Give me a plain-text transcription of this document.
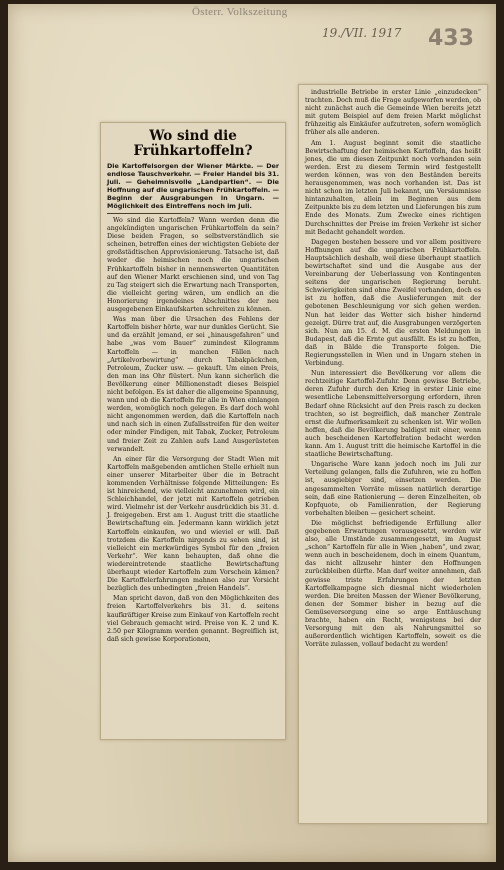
Österr. Volkszeitung
19./VII. 1917 433
Wo sind die Frühkartoffeln?
Die Kartoffelsorgen der Wiener Märkte. — Der endlose Tauschverkehr. — Freier Handel bis 31. Juli. — Geheimnisvolle „Landpartien“. — Die Hoffnung auf die ungarischen Frühkartoffeln. — Beginn der Ausgrabungen in Ungarn. — Möglichkeit des Eintreffens noch im Juli.

Wo sind die Kartoffeln? Wann werden denn die angekündigten ungarischen Frühkartoffeln da sein? Diese beiden Fragen, so selbstverständlich sie scheinen, betreffen eines der wichtigsten Gebiete der großstädtischen Approvisionierung. Tatsache ist, daß weder die heimischen noch die ungarischen Frühkartoffeln bisher in nennenswerten Quantitäten auf den Wiener Markt erschienen sind, und von Tag zu Tag steigert sich die Erwartung nach Transporten, die vielleicht gering wären, um endlich an die Honorierung irgendeines Abschnittes der neu ausgegebenen Einkaufskarten schreiten zu können.

Was man über die Ursachen des Fehlens der Kartoffeln bisher hörte, war nur dunkles Gerücht. Sie und da erzählt jemand, er sei „hinausgefahren“ und habe „was vom Bauer“ zumindest Kilogramm Kartoffeln — in manchen Fällen nach „Artikelvorbewirtung“ durch Tabakpäckchen, Petroleum, Zucker usw. — gekauft. Um einen Preis, den man ins Ohr flüstert. Nun kann sicherlich die Bevölkerung einer Millionenstadt dieses Beispiel nicht befolgen. Es ist daher die allgemeine Spannung, wann und ob die Kartoffeln für alle in Wien einlangen werden, womöglich noch gelegen. Es darf doch wohl nicht angenommen werden, daß die Kartoffeln nach und nach sich in einen Zufallsstreifen für den weiter oder minder Findigen, mit Tabak, Zucker, Petroleum und freier Zeit zu Zahlen aufs Land Ausgerüsteten verwandelt.

An einer für die Versorgung der Stadt Wien mit Kartoffeln maßgebenden amtlichen Stelle erhielt nun einer unserer Mitarbeiter über die in Betracht kommenden Verhältnisse folgende Mitteilungen: Es ist hinreichend, wie vielleicht anzunehmen wird, ein Schleichhandel, der jetzt mit Kartoffeln getrieben wird. Vielmehr ist der Verkehr ausdrücklich bis 31. d. J. freigegeben. Erst am 1. August tritt die staatliche Bewirtschaftung ein. Jedermann kann wirklich jetzt Kartoffeln einkaufen, wo und wieviel er will. Daß trotzdem die Kartoffeln nirgends zu sehen sind, ist vielleicht ein merkwürdiges Symbol für den „freien Verkehr“. Wer kann behaupten, daß ohne die wiedereintretende staatliche Bewirtschaftung überhaupt wieder Kartoffeln zum Vorschein kämen? Die Kartoffelerfahrungen mahnen also zur Vorsicht bezüglich des unbedingten „freien Handels“.

Man spricht davon, daß von den Möglichkeiten des freien Kartoffelverkehrs bis 31. d. seitens kaufkräftiger Kreise zum Einkauf von Kartoffeln recht viel Gebrauch gemacht wird. Preise von K. 2 und K. 2.50 per Kilogramm werden genannt. Begreiflich ist, daß sich gewisse Korporationen,

industrielle Betriebe in erster Linie „einzudecken“ trachten. Doch muß die Frage aufgeworfen werden, ob nicht zunächst auch die Gemeinde Wien bereits jetzt mit gutem Beispiel auf dem freien Markt möglichst frühzeitig als Einkäufer aufzutreten, sofern womöglich früher als alle anderen.

Am 1. August beginnt somit die staatliche Bewirtschaftung der heimischen Kartoffeln, das heißt jenes, die um diesen Zeitpunkt noch vorhanden sein werden. Erst zu diesem Termin wird festgestellt werden können, was von den Beständen bereits herausgenommen, was noch vorhanden ist. Das ist nicht schon im letzten Juli bekannt, um Versäumnisse hintanzuhalten, allein im Beginnen aus dem Zeitpunkte bis zu dem letzten und Lieferungen bis zum Ende des Monats. Zum Zwecke eines richtigen Durchschnittes der Preise im freien Verkehr ist sicher mit Bedacht gehandelt worden.

Dagegen bestehen bessere und vor allem positivere Hoffnungen auf die ungarischen Frühkartoffeln. Hauptsächlich deshalb, weil diese überhaupt staatlich bewirtschaftet sind und die Ausgabe aus der Vereinbarung der Ueberlassung von Kontingenten seitens der ungarischen Regierung beruht. Schwierigkeiten sind ohne Zweifel vorhanden, doch es ist zu hoffen, daß die Auslieferungen mit der gebotenen Beschleunigung vor sich gehen werden. Nun hat leider das Wetter sich bisher hindernd gezeigt. Dürre trat auf, die Ausgrabungen verzögerten sich. Nun am 15. d. M. die ersten Meldungen in Budapest, daß die Ernte gut ausfällt. Es ist zu hoffen, daß in Bälde die Transporte folgen. Die Regierungsstellen in Wien und in Ungarn stehen in Verbindung.

Nun interessiert die Bevölkerung vor allem die rechtzeitige Kartoffel-Zufuhr. Denn gewisse Betriebe, deren Zufuhr durch den Krieg in erster Linie eine wesentliche Lebensmittelversorgung erfordern, ihren Bedarf ohne Rücksicht auf den Preis rasch zu decken trachten, so ist begreiflich, daß mancher Zentrale ernst die Aufmerksamkeit zu schenken ist. Wir wollen hoffen, daß die Bevölkerung baldigst mit einer, wenn auch bescheidenen Kartoffelration bedacht werden kann. Am 1. August tritt die heimische Kartoffel in die staatliche Bewirtschaftung.

Ungarische Ware kann jedoch noch im Juli zur Verteilung gelangen, falls die Zufuhren, wie zu hoffen ist, ausgiebiger sind, einsetzen werden. Die angesammelten Vorräte müssen natürlich derartige sein, daß eine Rationierung — deren Einzelheiten, ob Kopfquote, ob Familienration, der Regierung vorbehalten bleiben — gesichert scheint.

Die möglichst befriedigende Erfüllung aller gegebenen Erwartungen vorausgesetzt, werden wir also, alle Umstände zusammengesetzt, im August „schon“ Kartoffeln für alle in Wien „haben“, und zwar, wenn auch in bescheidenem, doch in einem Quantum, das nicht allzusehr hinter den Hoffnungen zurückbleiben dürfte. Man darf weiter annehmen, daß gewisse triste Erfahrungen der letzten Kartoffelkampagne sich diesmal nicht wiederholen werden. Die breiten Massen der Wiener Bevölkerung, denen der Sommer bisher in bezug auf die Gemüseversorgung eine so arge Enttäuschung brachte, haben ein Recht, wenigstens bei der Versorgung mit den als Nahrungsmittel so außerordentlich wichtigen Kartoffeln, soweit es die Vorräte zulassen, vollauf bedacht zu werden!
